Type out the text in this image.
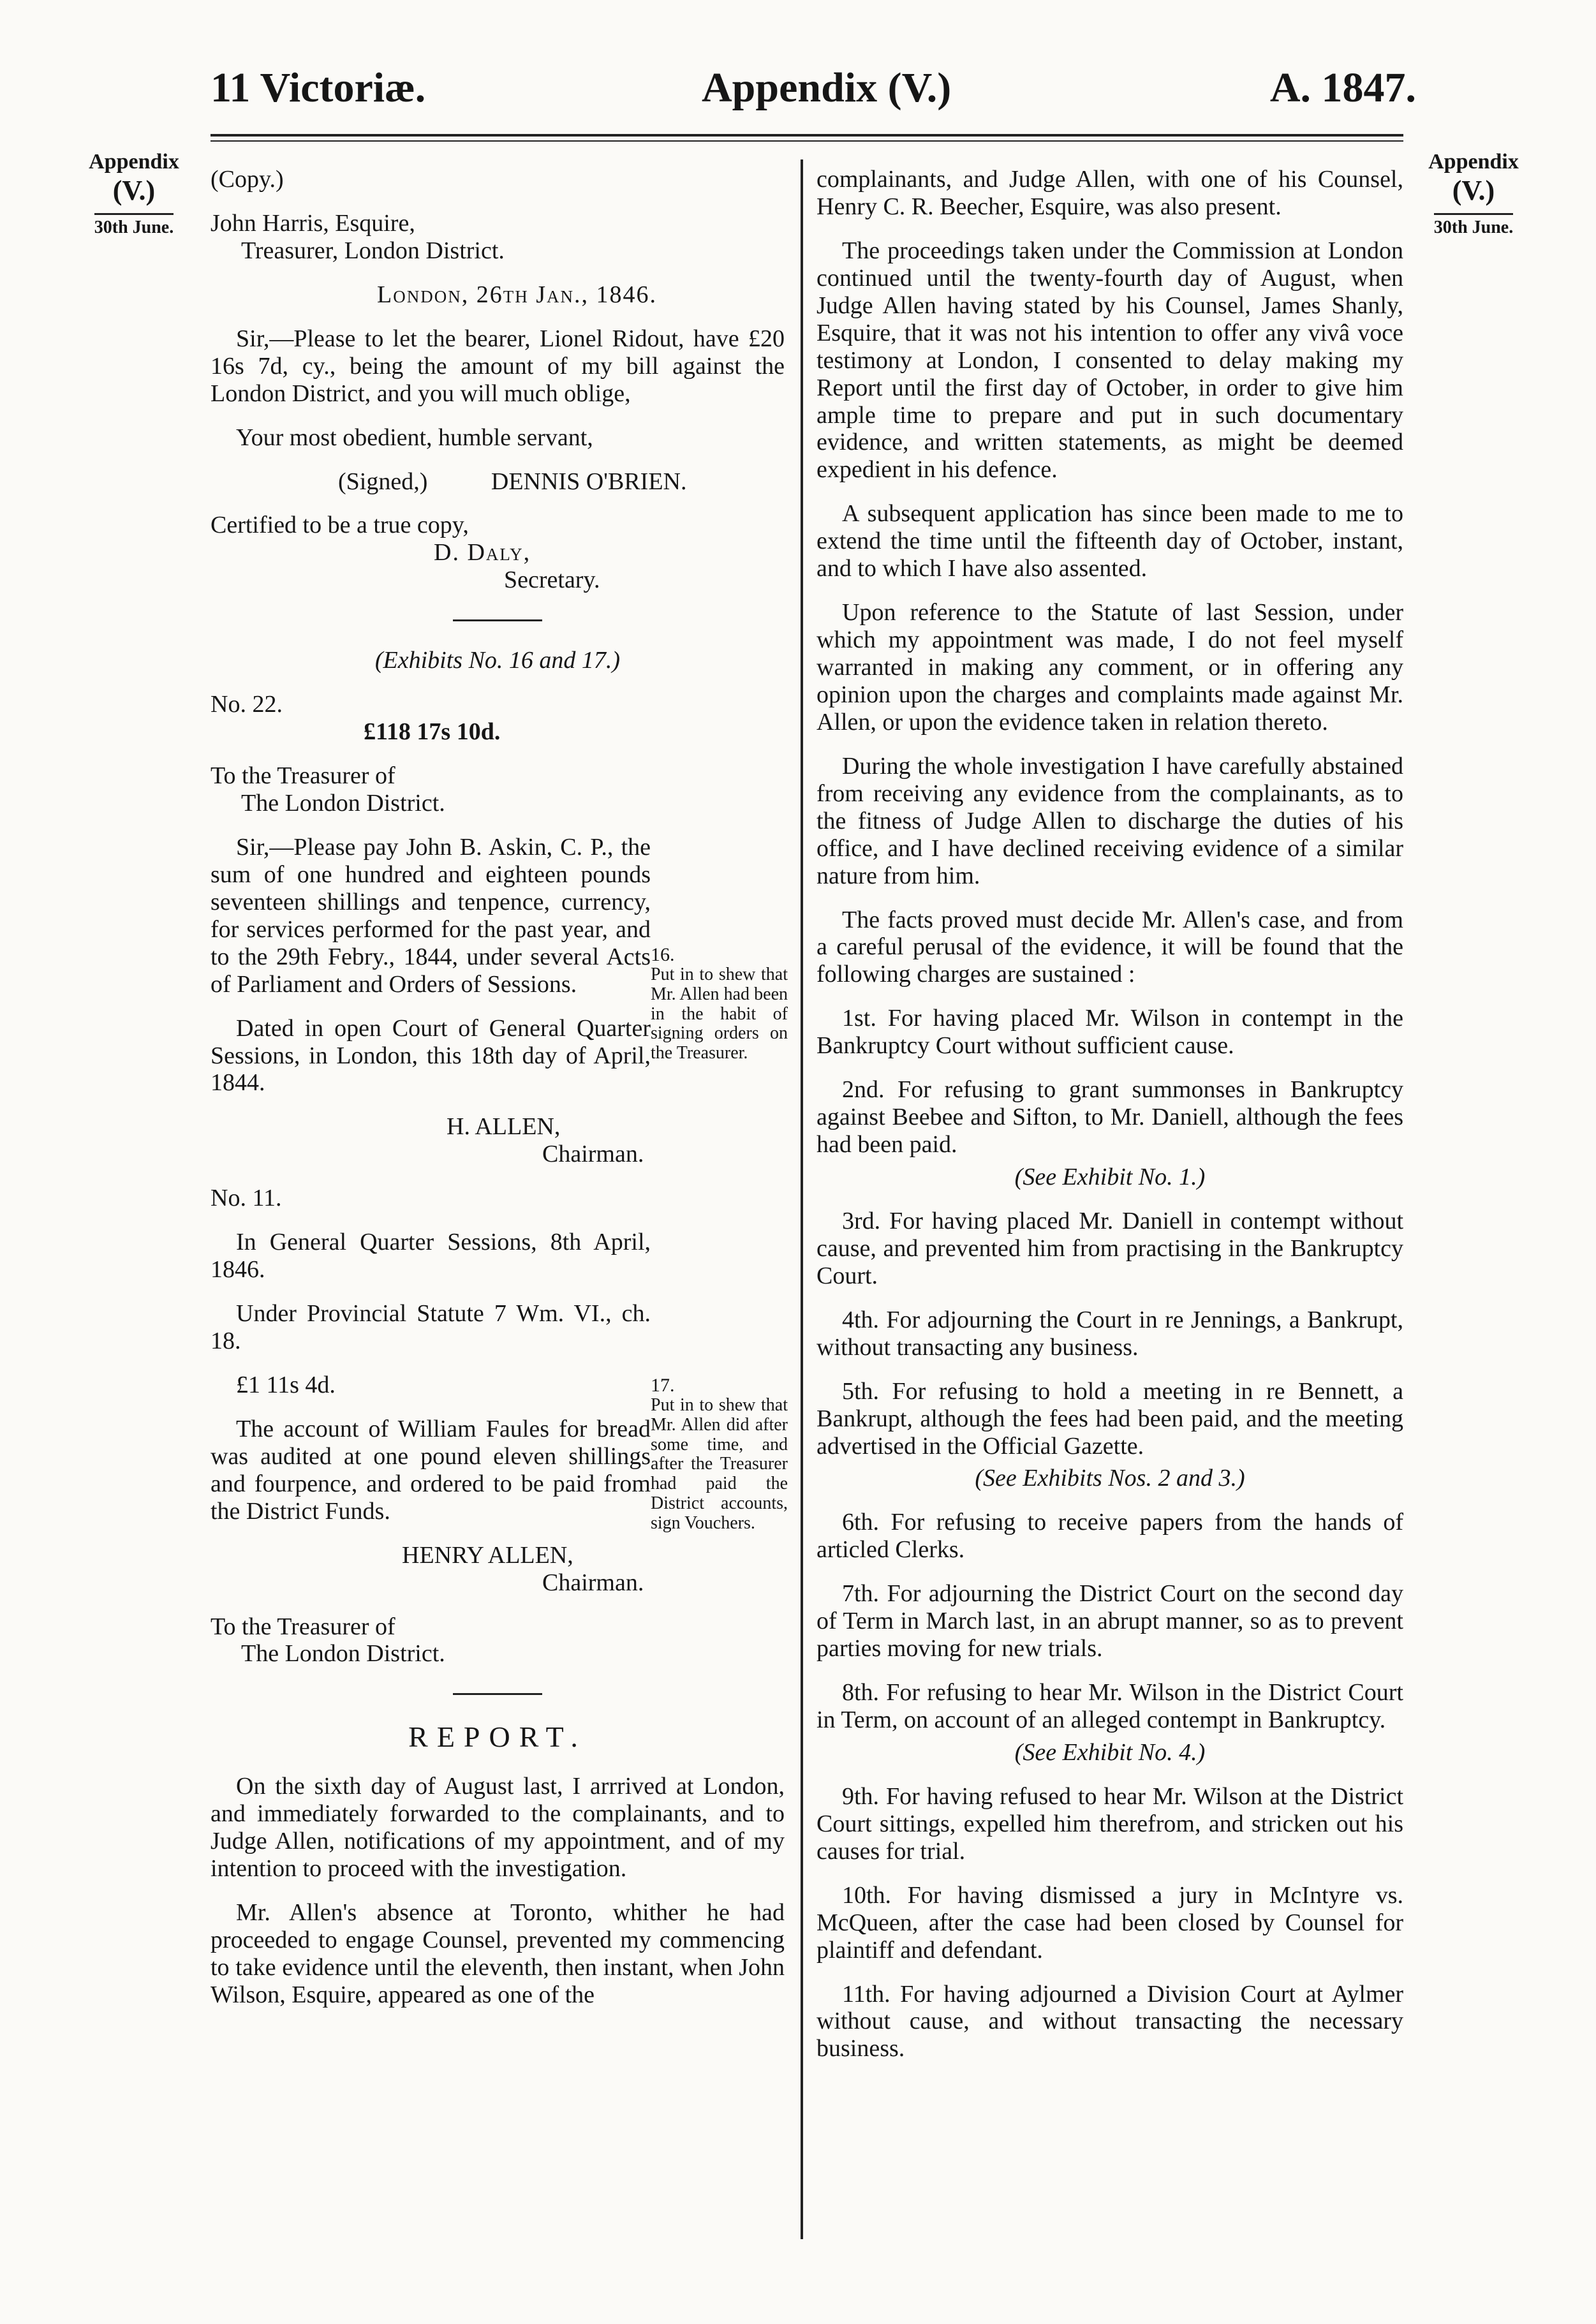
11 Victoriæ.	Appendix (V.)	A. 1847.
Appendix
(V.)
30th June.
Appendix
(V.)
30th June.

(Copy.)

John Harris, Esquire,

Treasurer, London District.

London, 26th Jan., 1846.

Sir,—Please to let the bearer, Lionel Ridout, have £20 16s 7d, cy., being the amount of my bill against the London District, and you will much oblige,

Your most obedient, humble servant,

(Signed,)	DENNIS O'BRIEN.

Certified to be a true copy,
D. Daly,

Secretary.

(Exhibits No. 16 and 17.)

No. 22.

£118 17s 10d.

To the Treasurer of

The London District.

Sir,—Please pay John B. Askin, C. P., the sum of one hundred and eighteen pounds seventeen shillings and tenpence, currency, for services performed for the past year, and to the 29th Febry., 1844, under several Acts of Parliament and Orders of Sessions.

Dated in open Court of General Quarter Sessions, in London, this 18th day of April, 1844.

H. ALLEN,

Chairman.

No. 11.

In General Quarter Sessions, 8th April, 1846.

Under Provincial Statute 7 Wm. VI., ch. 18.

£1 11s 4d.

The account of William Faules for bread was audited at one pound eleven shillings and fourpence, and ordered to be paid from the District Funds.

HENRY ALLEN,

Chairman.

To the Treasurer of

The London District.

REPORT.

On the sixth day of August last, I arrrived at London, and immediately forwarded to the complainants, and to Judge Allen, notifications of my appointment, and of my intention to proceed with the investigation.

Mr. Allen's absence at Toronto, whither he had proceeded to engage Counsel, prevented my commencing to take evidence until the eleventh, then instant, when John Wilson, Esquire, appeared as one of the

16.
Put in to shew that Mr. Allen had been in the habit of signing orders on the Treasurer.
17.
Put in to shew that Mr. Allen did after some time, and after the Treasurer had paid the District accounts, sign Vouchers.

complainants, and Judge Allen, with one of his Counsel, Henry C. R. Beecher, Esquire, was also present.

The proceedings taken under the Commission at London continued until the twenty-fourth day of August, when Judge Allen having stated by his Counsel, James Shanly, Esquire, that it was not his intention to offer any vivâ voce testimony at London, I consented to delay making my Report until the first day of October, in order to give him ample time to prepare and put in such documentary evidence, and written statements, as might be deemed expedient in his defence.

A subsequent application has since been made to me to extend the time until the fifteenth day of October, instant, and to which I have also assented.

Upon reference to the Statute of last Session, under which my appointment was made, I do not feel myself warranted in making any comment, or in offering any opinion upon the charges and complaints made against Mr. Allen, or upon the evidence taken in relation thereto.

During the whole investigation I have carefully abstained from receiving any evidence from the complainants, as to the fitness of Judge Allen to discharge the duties of his office, and I have declined receiving evidence of a similar nature from him.

The facts proved must decide Mr. Allen's case, and from a careful perusal of the evidence, it will be found that the following charges are sustained :

1st. For having placed Mr. Wilson in contempt in the Bankruptcy Court without sufficient cause.

2nd. For refusing to grant summonses in Bankruptcy against Beebee and Sifton, to Mr. Daniell, although the fees had been paid.

(See Exhibit No. 1.)

3rd. For having placed Mr. Daniell in contempt without cause, and prevented him from practising in the Bankruptcy Court.

4th. For adjourning the Court in re Jennings, a Bankrupt, without transacting any business.

5th. For refusing to hold a meeting in re Bennett, a Bankrupt, although the fees had been paid, and the meeting advertised in the Official Gazette.

(See Exhibits Nos. 2 and 3.)

6th. For refusing to receive papers from the hands of articled Clerks.

7th. For adjourning the District Court on the second day of Term in March last, in an abrupt manner, so as to prevent parties moving for new trials.

8th. For refusing to hear Mr. Wilson in the District Court in Term, on account of an alleged contempt in Bankruptcy.

(See Exhibit No. 4.)

9th. For having refused to hear Mr. Wilson at the District Court sittings, expelled him therefrom, and stricken out his causes for trial.

10th. For having dismissed a jury in McIntyre vs. McQueen, after the case had been closed by Counsel for plaintiff and defendant.

11th. For having adjourned a Division Court at Aylmer without cause, and without transacting the necessary business.
